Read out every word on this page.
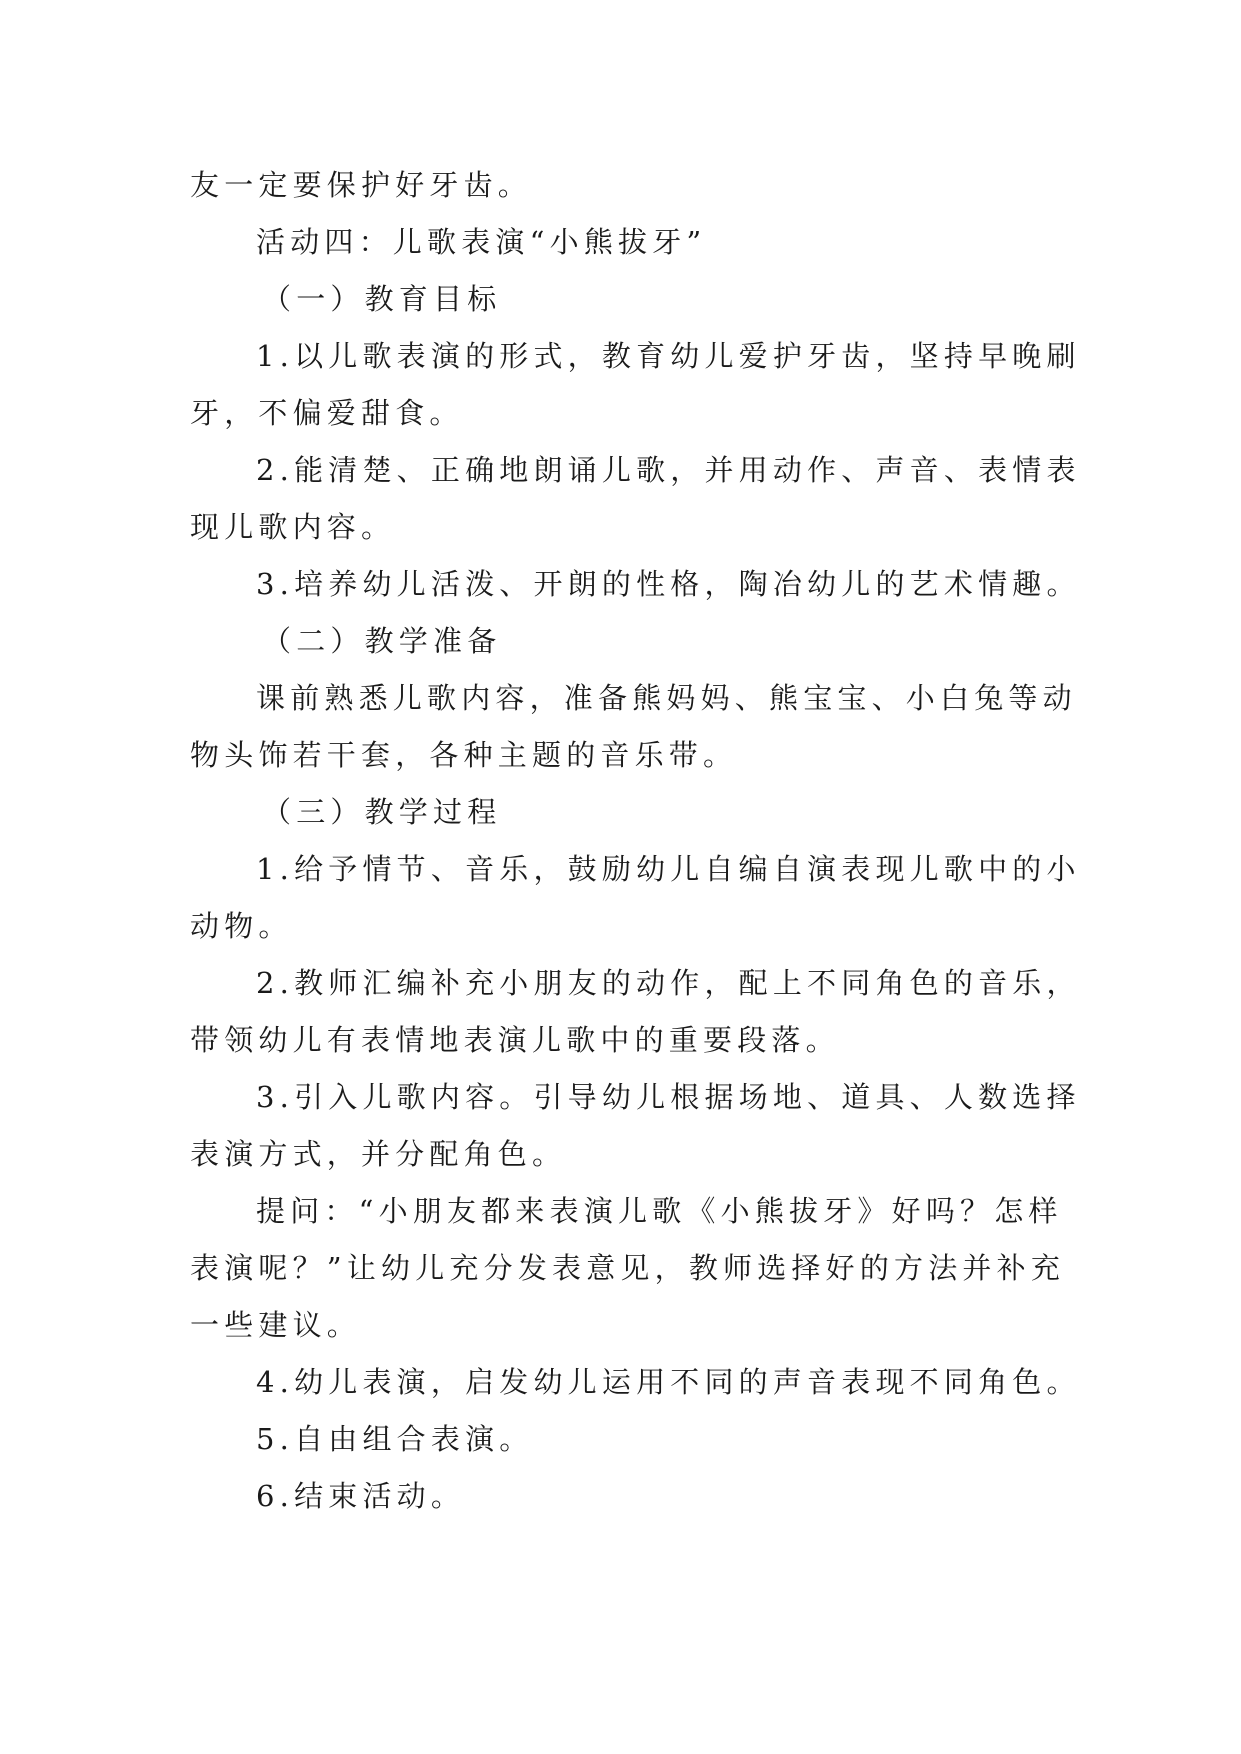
友一定要保护好牙齿。
活动四：儿歌表演“小熊拔牙”
（一）教育目标
1.以儿歌表演的形式，教育幼儿爱护牙齿，坚持早晚刷
牙，不偏爱甜食。
2.能清楚、正确地朗诵儿歌，并用动作、声音、表情表
现儿歌内容。
3.培养幼儿活泼、开朗的性格，陶冶幼儿的艺术情趣。
（二）教学准备
课前熟悉儿歌内容，准备熊妈妈、熊宝宝、小白兔等动
物头饰若干套，各种主题的音乐带。
（三）教学过程
1.给予情节、音乐，鼓励幼儿自编自演表现儿歌中的小
动物。
2.教师汇编补充小朋友的动作，配上不同角色的音乐，
带领幼儿有表情地表演儿歌中的重要段落。
3.引入儿歌内容。引导幼儿根据场地、道具、人数选择
表演方式，并分配角色。
提问：“小朋友都来表演儿歌《小熊拔牙》好吗？怎样
表演呢？”让幼儿充分发表意见，教师选择好的方法并补充
一些建议。
4.幼儿表演，启发幼儿运用不同的声音表现不同角色。
5.自由组合表演。
6.结束活动。
